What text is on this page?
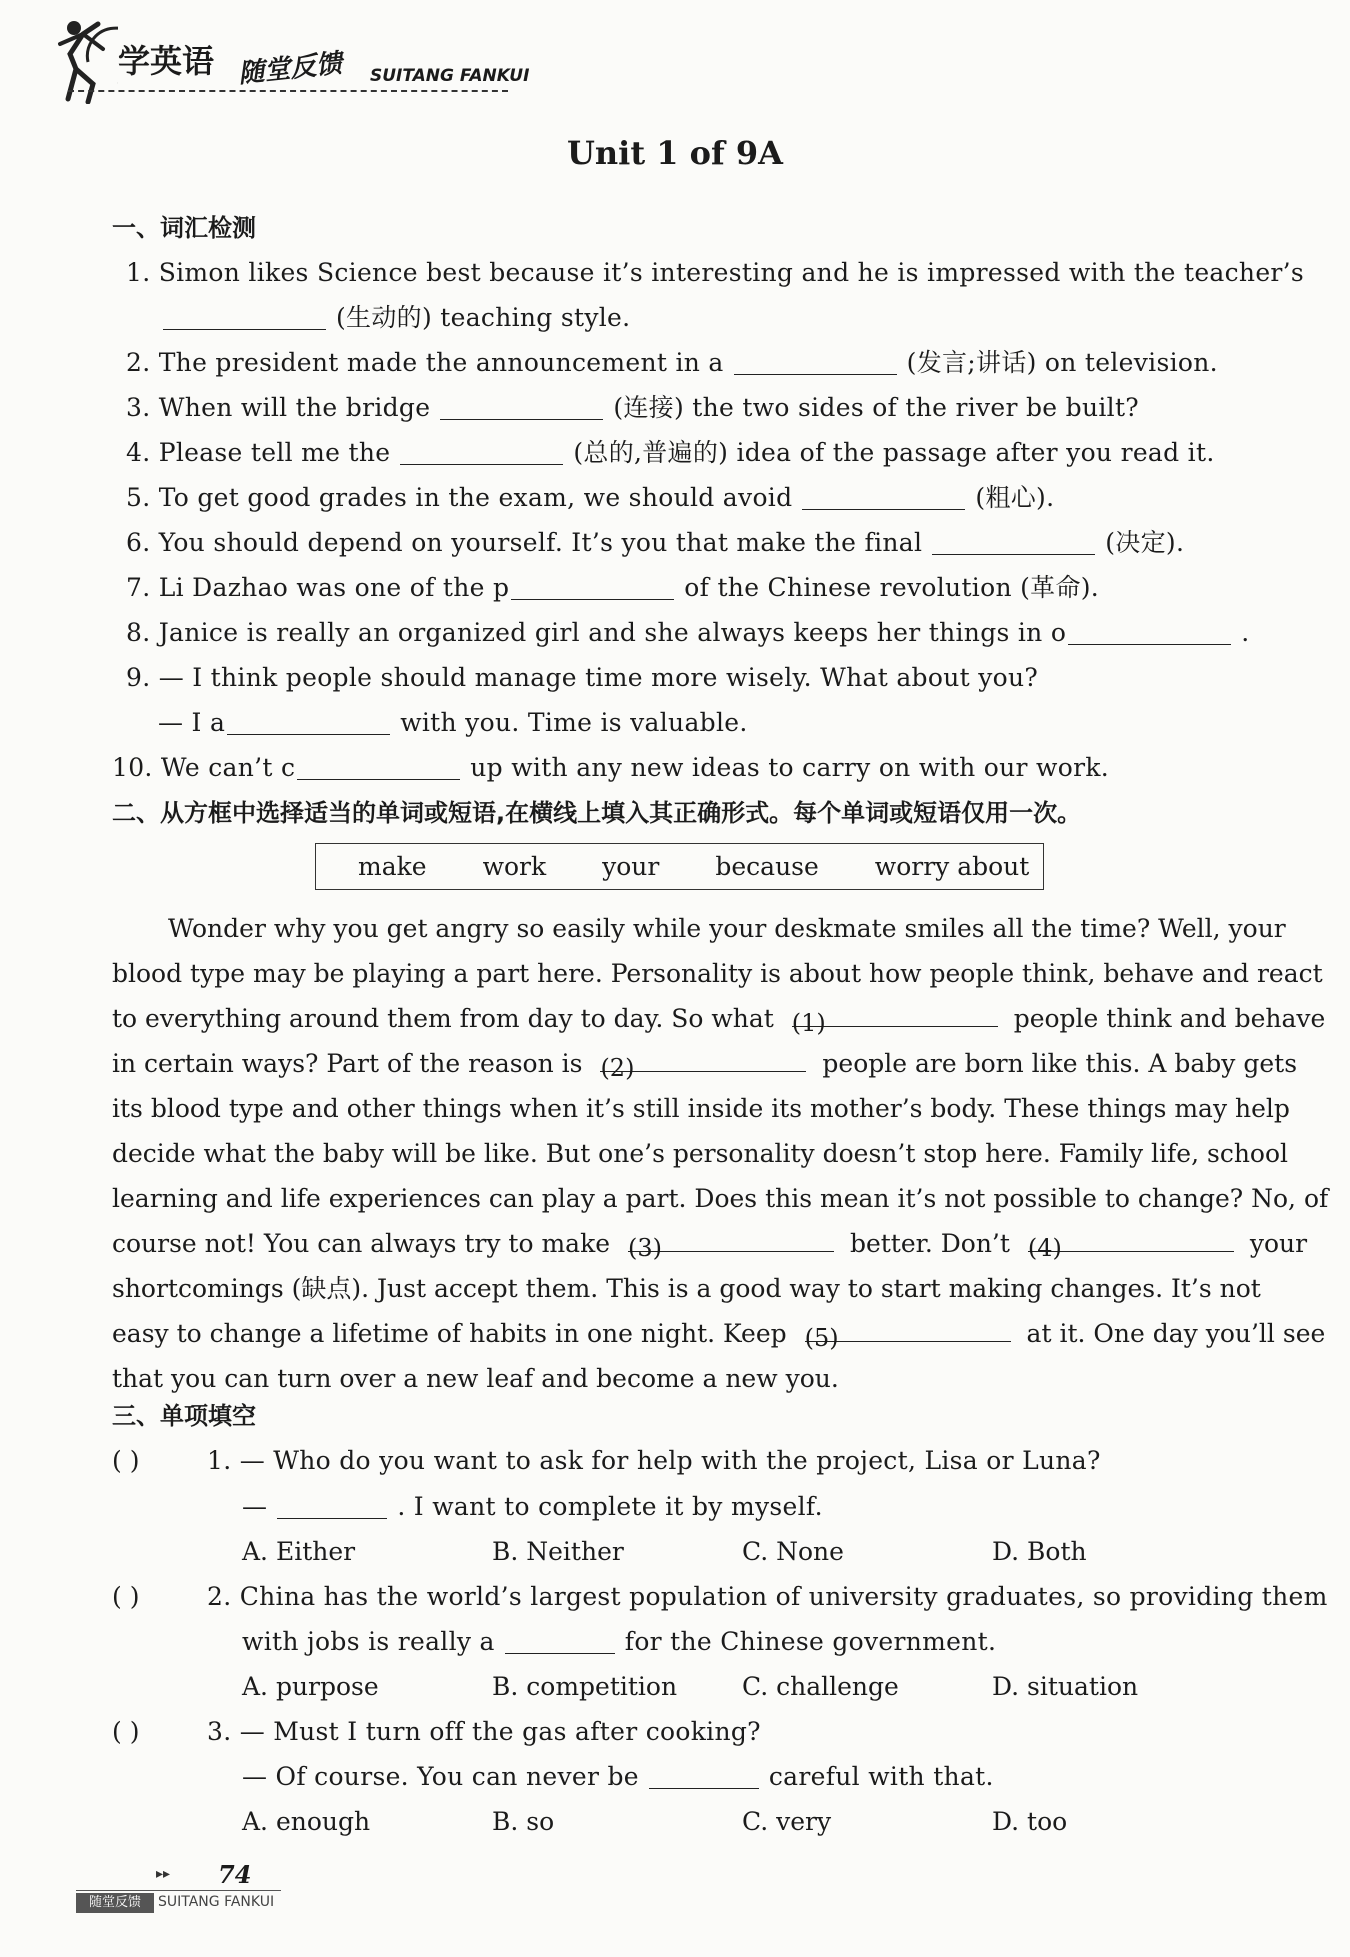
学英语 随堂反馈 SUITANG FANKUI
Unit 1 of 9A
一、词汇检测
1. Simon likes Science best because it’s interesting and he is impressed with the teacher’s
(生动的) teaching style.
2. The president made the announcement in a	(发言;讲话) on television.
3. When will the bridge	(连接) the two sides of the river be built?
4. Please tell me the	(总的,普遍的) idea of the passage after you read it.
5. To get good grades in the exam, we should avoid	(粗心).
6. You should depend on yourself. It’s you that make the final	(决定).
7. Li Dazhao was one of the p	of the Chinese revolution (革命).
8. Janice is really an organized girl and she always keeps her things in o	.
9. — I think people should manage time more wisely. What about you?
— I a	with you. Time is valuable.
10. We can’t c	up with any new ideas to carry on with our work.
二、从方框中选择适当的单词或短语,在横线上填入其正确形式。每个单词或短语仅用一次。
make work your because worry about
Wonder why you get angry so easily while your deskmate smiles all the time? Well, your
blood type may be playing a part here. Personality is about how people think, behave and react
to everything around them from day to day. So what (1)	people think and behave
in certain ways? Part of the reason is (2)	people are born like this. A baby gets
its blood type and other things when it’s still inside its mother’s body. These things may help
decide what the baby will be like. But one’s personality doesn’t stop here. Family life, school
learning and life experiences can play a part. Does this mean it’s not possible to change? No, of
course not! You can always try to make (3)	better. Don’t (4)	your
shortcomings (缺点). Just accept them. This is a good way to start making changes. It’s not
easy to change a lifetime of habits in one night. Keep (5)	at it. One day you’ll see
that you can turn over a new leaf and become a new you.
三、单项填空
( )	1. — Who do you want to ask for help with the project, Lisa or Luna?
—	. I want to complete it by myself.
A. Either	B. Neither	C. None	D. Both
( )	2. China has the world’s largest population of university graduates, so providing them
with jobs is really a	for the Chinese government.
A. purpose	B. competition	C. challenge	D. situation
( )	3. — Must I turn off the gas after cooking?
— Of course. You can never be	careful with that.
A. enough	B. so	C. very	D. too
▸▸ 74
随堂反馈	SUITANG FANKUI
